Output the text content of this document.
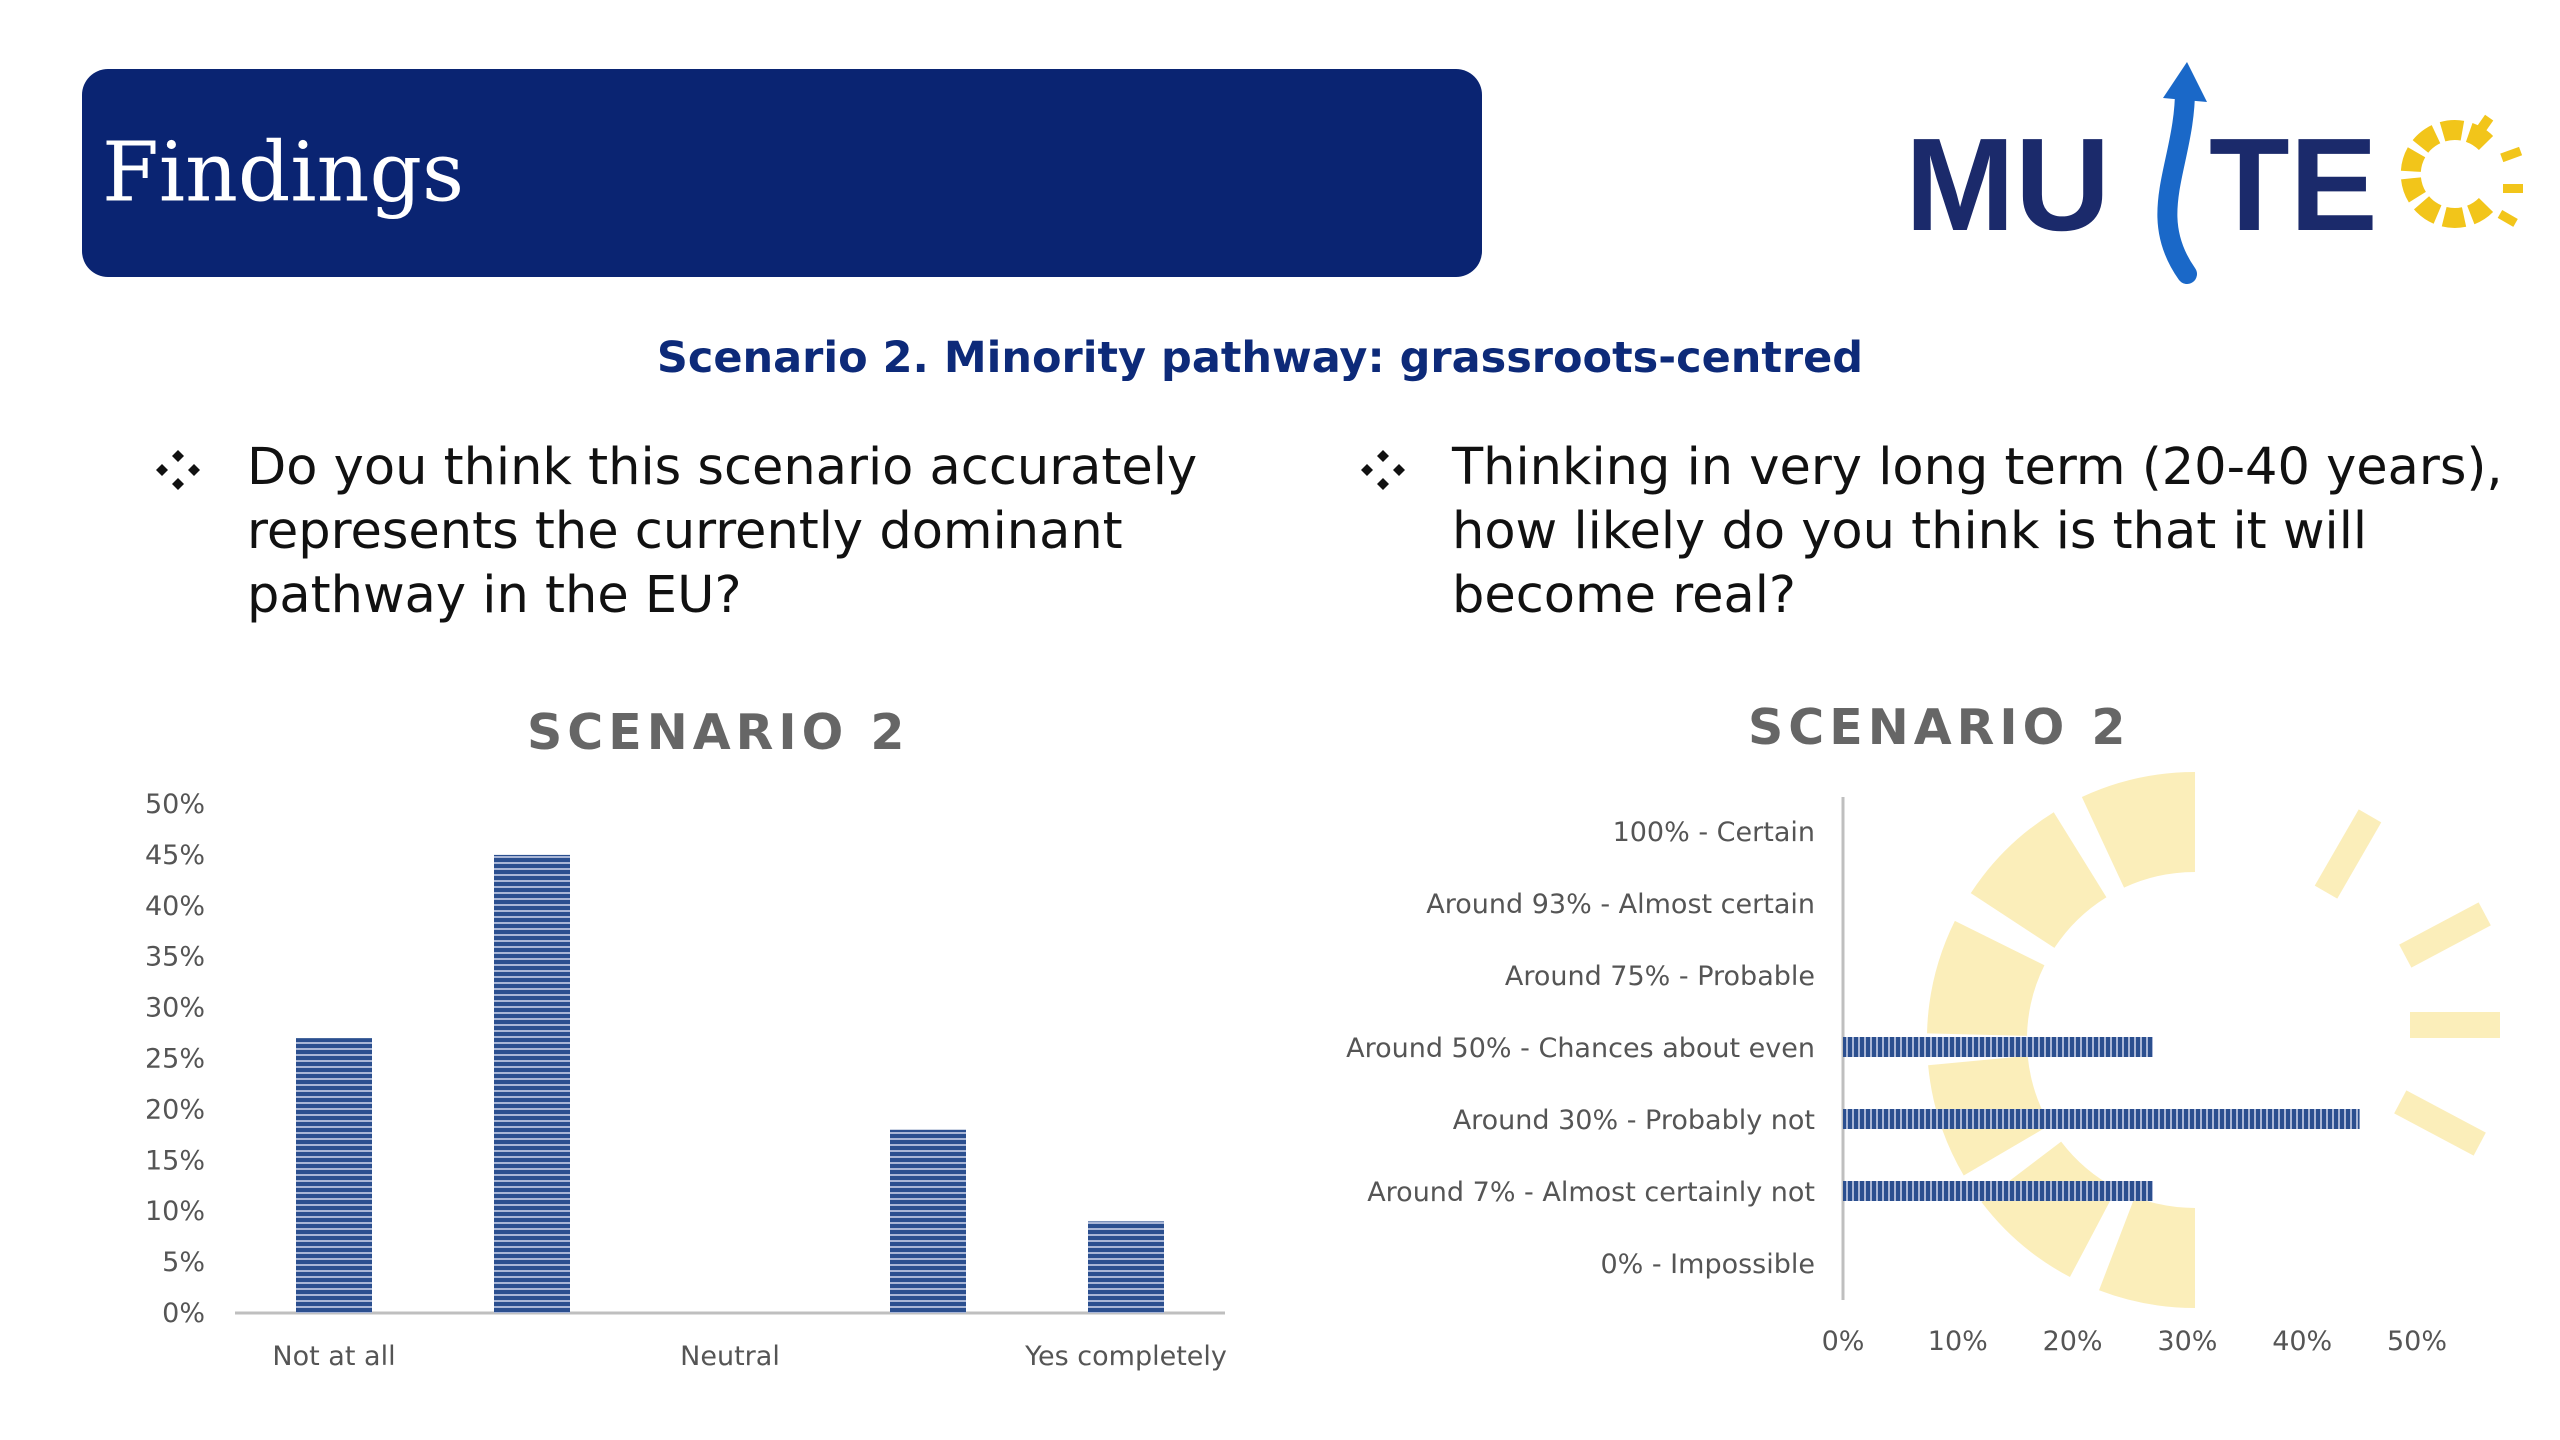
Findings	MU TE
Scenario 2. Minority pathway: grassroots-centred
Do you think this scenario accurately
represents the currently dominant
pathway in the EU?
Thinking in very long term (20-40 years),
how likely do you think is that it will
become real?
SCENARIO 2	SCENARIO 2
0%
5%
10%
15%
20%
25%
30%
35%
40%
45%
50%
Not at all	Neutral	Yes completely
100% - Certain
Around 93% - Almost certain
Around 75% - Probable
Around 50% - Chances about even
Around 30% - Probably not
Around 7% - Almost certainly not
0% - Impossible
0% 10% 20% 30% 40% 50%
